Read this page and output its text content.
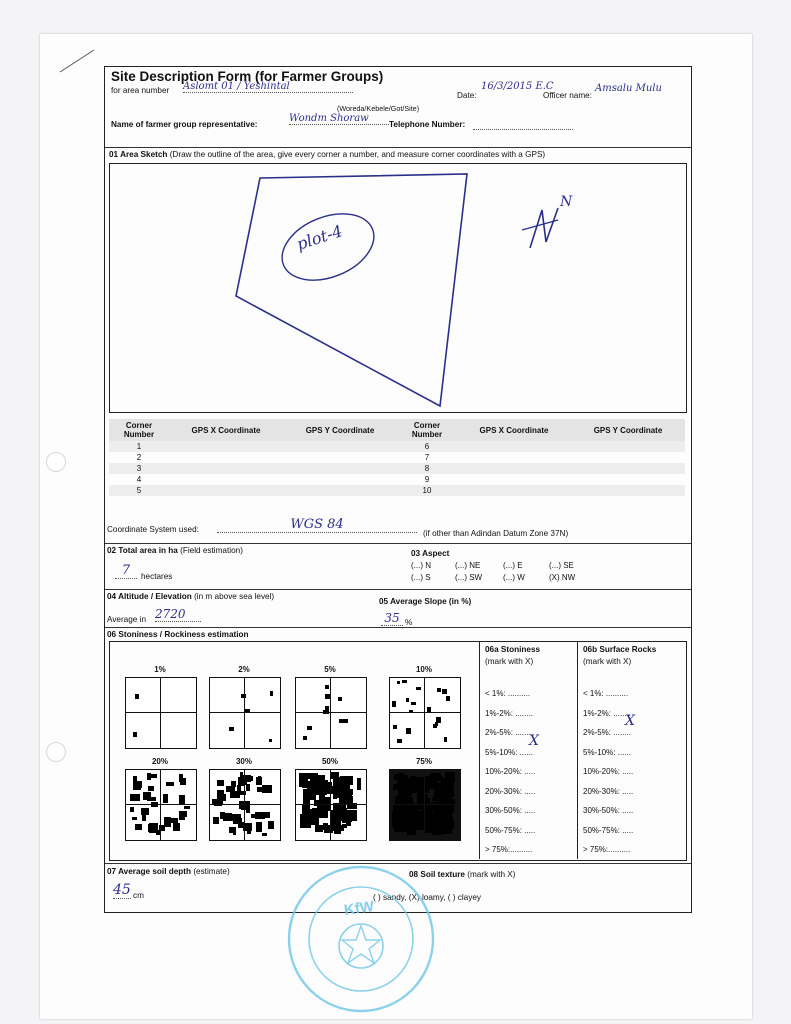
Site Description Form (for Farmer Groups)
for area number Aslomt 01 / Yeshintal
Date:
16/3/2015 E.C
Officer name:
Amsalu Mulu
(Woreda/Kebele/Got/Site)
Name of farmer group representative:
Wondm Shoraw
Telephone Number:
01 Area Sketch (Draw the outline of the area, give every corner a number, and measure corner coordinates with a GPS)
plot-4
N
Corner Number	GPS X Coordinate	GPS Y Coordinate	Corner Number	GPS X Coordinate	GPS Y Coordinate
1			6		
2			7		
3			8		
4			9		
5			10		
Coordinate System used:	WGS 84
(if other than Adindan Datum Zone 37N)
02 Total area in ha (Field estimation)
7	hectares
03 Aspect
(...) N	(...) NE	(...) E	(...) SE
(...) S	(...) SW	(...) W	(X) NW
04 Altitude / Elevation (in m above sea level)
Average in 2720
05 Average Slope (in %)
35 %
06 Stoniness / Rockiness estimation
1%	2%	5%	10%
20%	30%	50%	75%
06a Stoniness
(mark with X)
06b Surface Rocks
(mark with X)
< 1%: ..........
1%-2%: ........
2%-5%: ........
5%-10%: ......
10%-20%: .....
20%-30%: .....
30%-50%: .....
50%-75%: .....
> 75%:..........
< 1%: ..........
1%-2%: ........
2%-5%: ........
5%-10%: ......
10%-20%: .....
20%-30%: .....
30%-50%: .....
50%-75%: .....
> 75%:..........
X
X
07 Average soil depth (estimate)
45 cm
08 Soil texture (mark with X)
( ) sandy, (X) loamy, ( ) clayey
KfW
